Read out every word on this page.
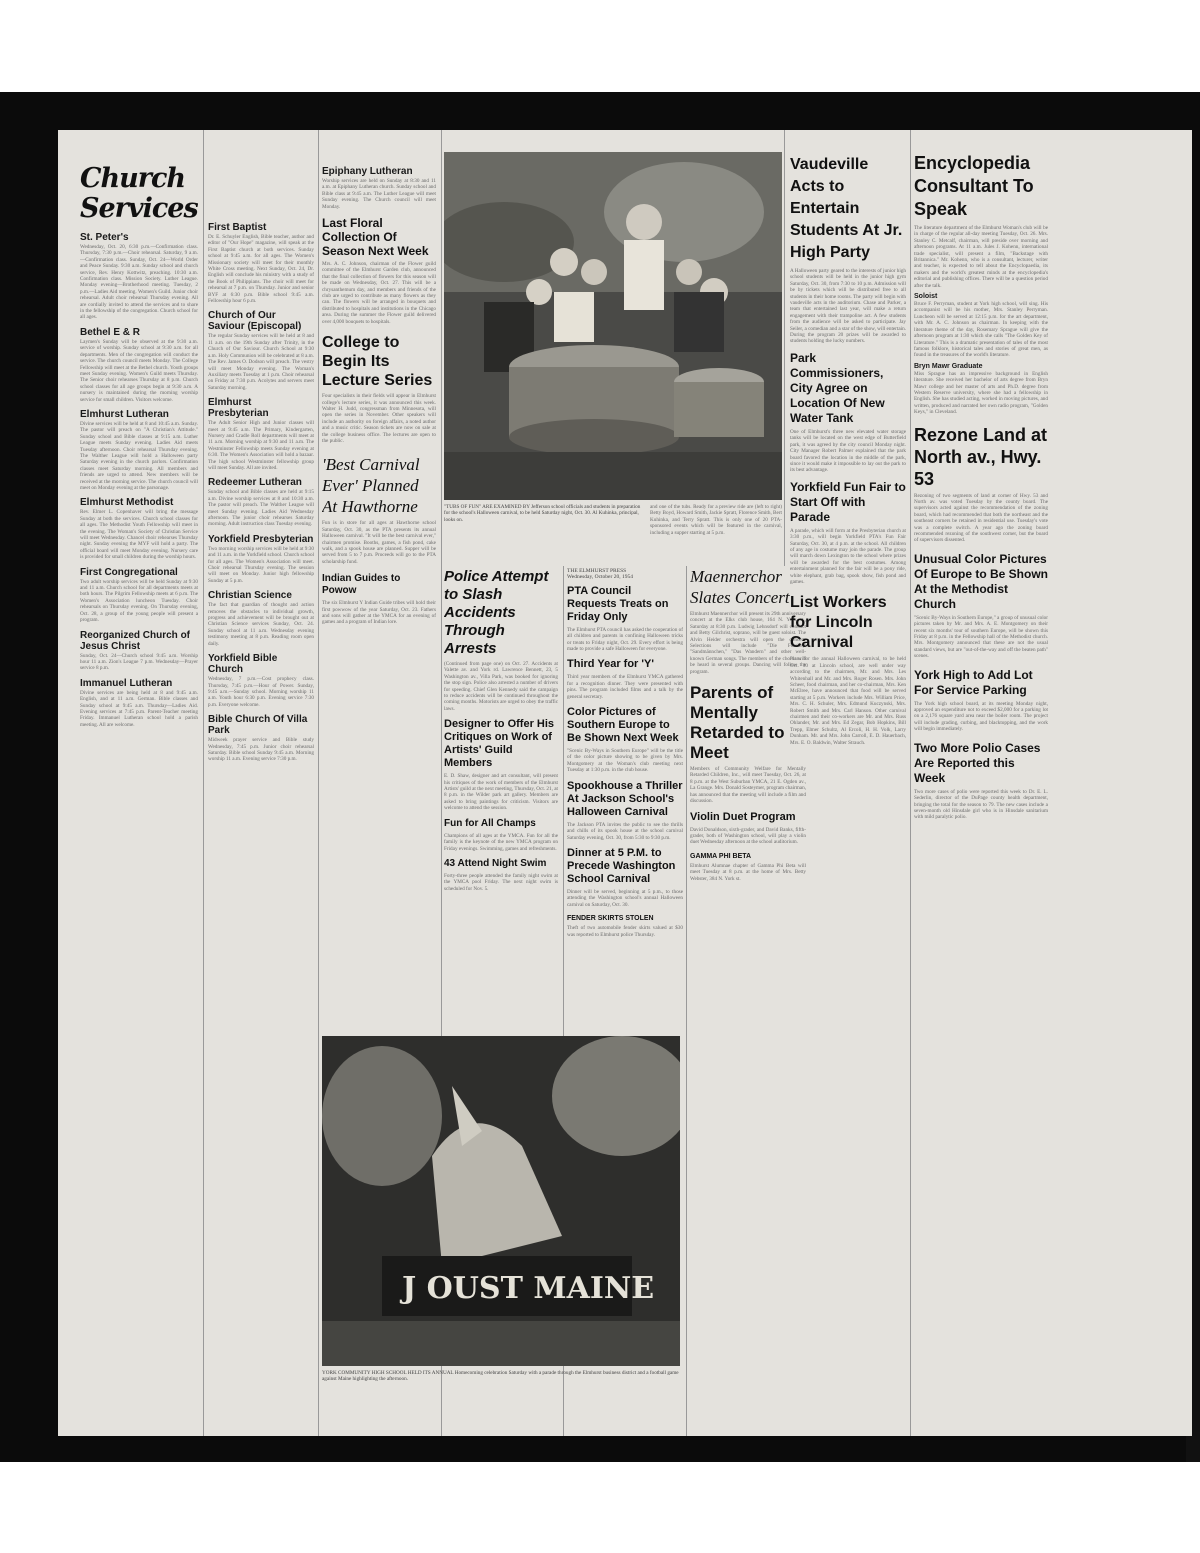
Church Services
St. Peter's

Wednesday, Oct. 20, 6:30 p.m.—Confirmation class. Thursday, 7:30 p.m.—Choir rehearsal. Saturday, 9 a.m.—Confirmation class. Sunday, Oct. 24—World Order and Peace Sunday. 9:30 a.m. Sunday school and church service, Rev. Henry Kottwitz, preaching. 10:30 a.m. Confirmation class. Mission Society. Luther League. Monday evening—Brotherhood meeting. Tuesday, 2 p.m.—Ladies Aid meeting. Women's Guild. Junior choir rehearsal. Adult choir rehearsal Thursday evening. All are cordially invited to attend the services and to share in the fellowship of the congregation. Church school for all ages.

Bethel E & R

Laymen's Sunday will be observed at the 9:30 a.m. service of worship. Sunday school at 9:30 a.m. for all departments. Men of the congregation will conduct the service. The church council meets Monday. The College Fellowship will meet at the Bethel church. Youth groups meet Sunday evening. Women's Guild meets Thursday. The Senior choir rehearses Thursday at 8 p.m. Church school classes for all age groups begin at 9:30 a.m. A nursery is maintained during the morning worship service for small children. Visitors welcome.

Elmhurst Lutheran

Divine services will be held at 8 and 10:45 a.m. Sunday. The pastor will preach on "A Christian's Attitude." Sunday school and Bible classes at 9:15 a.m. Luther League meets Sunday evening. Ladies Aid meets Tuesday afternoon. Choir rehearsal Thursday evening. The Walther League will hold a Halloween party Saturday evening in the church parlors. Confirmation classes meet Saturday morning. All members and friends are urged to attend. New members will be received at the morning service. The church council will meet on Monday evening at the parsonage.

Elmhurst Methodist

Rev. Elmer L. Copenhaver will bring the message Sunday at both the services. Church school classes for all ages. The Methodist Youth Fellowship will meet in the evening. The Woman's Society of Christian Service will meet Wednesday. Chancel choir rehearses Thursday night. Sunday evening the MYF will hold a party. The official board will meet Monday evening. Nursery care is provided for small children during the worship hours.

First Congregational

Two adult worship services will be held Sunday at 9:30 and 11 a.m. Church school for all departments meets at both hours. The Pilgrim Fellowship meets at 6 p.m. The Women's Association luncheon Tuesday. Choir rehearsals on Thursday evening. On Thursday evening, Oct. 28, a group of the young people will present a program.

Reorganized Church of Jesus Christ

Sunday, Oct. 24—Church school 9:45 a.m. Worship hour 11 a.m. Zion's League 7 p.m. Wednesday—Prayer service 8 p.m.

Immanuel Lutheran

Divine services are being held at 8 and 9:45 a.m. English, and at 11 a.m. German. Bible classes and Sunday school at 9:45 a.m. Thursday—Ladies Aid. Evening services at 7:45 p.m. Parent-Teacher meeting Friday. Immanuel Lutheran school hold a parish meeting. All are welcome.

First Baptist

Dr. E. Schuyler English, Bible teacher, author and editor of "Our Hope" magazine, will speak at the First Baptist church at both services. Sunday school at 9:45 a.m. for all ages. The Women's Missionary society will meet for their monthly White Cross meeting. Next Sunday, Oct. 24, Dr. English will conclude his ministry with a study of the Book of Philippians. The choir will meet for rehearsal at 7 p.m. on Thursday. Junior and senior BYF at 6:30 p.m. Bible school 9:45 a.m. Fellowship hour 6 p.m.

Church of Our Saviour (Episcopal)

The regular Sunday services will be held at 8 and 11 a.m. on the 19th Sunday after Trinity, in the Church of Our Saviour. Church School at 9:30 a.m. Holy Communion will be celebrated at 8 a.m. The Rev. James O. Dodson will preach. The vestry will meet Monday evening. The Woman's Auxiliary meets Tuesday at 1 p.m. Choir rehearsal on Friday at 7:30 p.m. Acolytes and servers meet Saturday morning.

Elmhurst Presbyterian

The Adult Senior High and Junior classes will meet at 9:45 a.m. The Primary, Kindergarten, Nursery and Cradle Roll departments will meet at 11 a.m. Morning worship at 9:30 and 11 a.m. The Westminster Fellowship meets Sunday evening at 6:30. The Women's Association will hold a bazaar. The high school Westminster fellowship group will meet Sunday. All are invited.

Redeemer Lutheran

Sunday school and Bible classes are held at 9:15 a.m. Divine worship services at 8 and 10:30 a.m. The pastor will preach. The Walther League will meet Sunday evening. Ladies Aid Wednesday afternoon. The junior choir rehearses Saturday morning. Adult instruction class Tuesday evening.

Yorkfield Presbyterian

Two morning worship services will be held at 9:30 and 11 a.m. in the Yorkfield school. Church school for all ages. The Women's Association will meet. Choir rehearsal Thursday evening. The session will meet on Monday. Junior high fellowship Sunday at 5 p.m.

Christian Science

The fact that guardian of thought and action removes the obstacles to individual growth, progress and achievement will be brought out at Christian Science services Sunday, Oct. 24. Sunday school at 11 a.m. Wednesday evening testimony meeting at 8 p.m. Reading room open daily.

Yorkfield Bible Church

Wednesday, 7 p.m.—Cost prophecy class. Thursday, 7:45 p.m.—Hour of Power. Sunday, 9:45 a.m.—Sunday school. Morning worship 11 a.m. Youth hour 6:30 p.m. Evening service 7:30 p.m. Everyone welcome.

Bible Church Of Villa Park

Midweek prayer service and Bible study Wednesday, 7:45 p.m. Junior choir rehearsal Saturday. Bible school Sunday 9:45 a.m. Morning worship 11 a.m. Evening service 7:30 p.m.

Epiphany Lutheran

Worship services are held on Sunday at 8:30 and 11 a.m. at Epiphany Lutheran church. Sunday school and Bible class at 9:45 a.m. The Luther League will meet Sunday evening. The Church council will meet Monday.

Last Floral Collection Of Season Next Week

Mrs. A. C. Johnson, chairman of the Flower guild committee of the Elmhurst Garden club, announced that the final collection of flowers for this season will be made on Wednesday, Oct. 27. This will be a chrysanthemum day, and members and friends of the club are urged to contribute as many flowers as they can. The flowers will be arranged in bouquets and distributed to hospitals and institutions in the Chicago area. During the summer the Flower guild delivered over 4,000 bouquets to hospitals.

College to Begin Its Lecture Series

Four specialists in their fields will appear in Elmhurst college's lecture series, it was announced this week. Walter H. Judd, congressman from Minnesota, will open the series in November. Other speakers will include an authority on foreign affairs, a noted author and a music critic. Season tickets are now on sale at the college business office. The lectures are open to the public.

'Best Carnival Ever' Planned At Hawthorne

Fun is in store for all ages at Hawthorne school Saturday, Oct. 30, as the PTA presents its annual Halloween carnival. "It will be the best carnival ever," chairmen promise. Booths, games, a fish pond, cake walk, and a spook house are planned. Supper will be served from 5 to 7 p.m. Proceeds will go to the PTA scholarship fund.

Indian Guides to Powow

The six Elmhurst Y Indian Guide tribes will hold their first powwow of the year Saturday, Oct. 23. Fathers and sons will gather at the YMCA for an evening of games and a program of Indian lore.

"TUBS OF FUN" ARE EXAMINED BY Jefferson school officials and students in preparation for the school's Halloween carnival, to be held Saturday night, Oct. 30. Al Kuhinka, principal, looks on.

and one of the tubs. Ready for a preview ride are (left to right) Betty Boyd, Howard Smith, Jackie Spratt, Florence Smith, Bert Kuhinka, and Terry Spratt. This is only one of 20 PTA-sponsored events which will be featured in the carnival, including a supper starting at 5 p.m.

Police Attempt to Slash Accidents Through Arrests

(Continued from page one) on Oct. 27. Accidents at Valette av. and York rd. Lawrence Bennett, 23, 5 Washington av., Villa Park, was booked for ignoring the stop sign. Police also arrested a number of drivers for speeding. Chief Glen Kennedy said the campaign to reduce accidents will be continued throughout the coming months. Motorists are urged to obey the traffic laws.

Designer to Offer His Critiques on Work of Artists' Guild Members

E. D. Shaw, designer and art consultant, will present his critiques of the work of members of the Elmhurst Artists' guild at the next meeting, Thursday, Oct. 21, at 8 p.m. in the Wilder park art gallery. Members are asked to bring paintings for criticism. Visitors are welcome to attend the session.

Fun for All Champs

Champions of all ages at the YMCA. Fun for all the family is the keynote of the new YMCA program on Friday evenings. Swimming, games and refreshments.

43 Attend Night Swim

Forty-three people attended the family night swim at the YMCA pool Friday. The next night swim is scheduled for Nov. 5.

THE ELMHURST PRESS
Wednesday, October 20, 1954
PTA Council Requests Treats on Friday Only

The Elmhurst PTA council has asked the cooperation of all children and parents in confining Halloween tricks or treats to Friday night, Oct. 29. Every effort is being made to provide a safe Halloween for everyone.

Third Year for 'Y'

Third year members of the Elmhurst YMCA gathered for a recognition dinner. They were presented with pins. The program included films and a talk by the general secretary.

Color Pictures of Southern Europe to Be Shown Next Week

"Scenic By-Ways in Southern Europe" will be the title of the color picture showing to be given by Mrs. Montgomery at the Woman's club meeting next Tuesday at 1:30 p.m. in the club house.

Spookhouse a Thriller At Jackson School's Halloween Carnival

The Jackson PTA invites the public to see the thrills and chills of its spook house at the school carnival Saturday evening, Oct. 30, from 5:30 to 9:30 p.m.

Dinner at 5 P.M. to Precede Washington School Carnival

Dinner will be served, beginning at 5 p.m., to those attending the Washington school's annual Halloween carnival on Saturday, Oct. 30.

FENDER SKIRTS STOLEN

Theft of two automobile fender skirts valued at $30 was reported to Elmhurst police Thursday.

J OUST MAINE
YORK COMMUNITY HIGH SCHOOL HELD ITS ANNUAL Homecoming celebration Saturday with a parade through the Elmhurst business district and a football game against Maine highlighting the afternoon.
Maennerchor Slates Concert

Elmhurst Maennerchor will present its 29th anniversary concert at the Elks club house, 164 N. York st., Saturday at 8:30 p.m. Ludwig Lehnsdorf will conduct and Betty Gilchrist, soprano, will be guest soloist. The Alvin Heider orchestra will open the concert. Selections will include "Die Forelle," "Sandmännchen," "Das Wandern" and other well-known German songs. The members of the chorus will be heard in several groups. Dancing will follow the program.

Parents of Mentally Retarded to Meet

Members of Community Welfare for Mentally Retarded Children, Inc., will meet Tuesday, Oct. 26, at 8 p.m. at the West Suburban YMCA, 21 E. Ogden av., La Grange. Mrs. Donald Sosteymer, program chairman, has announced that the meeting will include a film and discussion.

Violin Duet Program

David Donaldson, sixth-grader, and David Banks, fifth-grader, both of Washington school, will play a violin duet Wednesday afternoon at the school auditorium.

GAMMA PHI BETA

Elmhurst Alumnae chapter of Gamma Phi Beta will meet Tuesday at 8 p.m. at the home of Mrs. Betty Webster, 384 N. York st.

Vaudeville Acts to Entertain Students At Jr. High Party

A Halloween party geared to the interests of junior high school students will be held in the junior high gym Saturday, Oct. 30, from 7:30 to 10 p.m. Admission will be by tickets which will be distributed free to all students in their home rooms. The party will begin with vaudeville acts in the auditorium. Chase and Parker, a team that entertained last year, will make a return engagement with their trampoline act. A few students from the audience will be asked to participate. Jay Seiler, a comedian and a star of the show, will entertain. During the program 20 prizes will be awarded to students holding the lucky numbers.

Park Commissioners, City Agree on Location Of New Water Tank

One of Elmhurst's three new elevated water storage tanks will be located on the west edge of Butterfield park, it was agreed by the city council Monday night. City Manager Robert Palmer explained that the park board favored the location in the middle of the park, since it would make it impossible to lay out the park to its best advantage.

Yorkfield Fun Fair to Start Off with Parade

A parade, which will form at the Presbyterian church at 3:30 p.m., will begin Yorkfield PTA's Fun Fair Saturday, Oct. 30, at 4 p.m. at the school. All children of any age in costume may join the parade. The group will march down Lexington to the school where prizes will be awarded for the best costumes. Among entertainment planned for the fair will be a pony ride, white elephant, grab bag, spook show, fish pond and games.

List Workers for Lincoln Carnival

Plans for the annual Halloween carnival, to be held Oct. 30 at Lincoln school, are well under way according to the chairmen, Mr. and Mrs. Les Whitenhall and Mr. and Mrs. Roger Rosen. Mrs. John Scheer, food chairman, and her co-chairman, Mrs. Ken McElree, have announced that food will be served starting at 5 p.m. Workers include Mrs. William Price, Mrs. C. H. Schuler, Mrs. Edmund Kuczynski, Mrs. Robert Smith and Mrs. Carl Hanson. Other carnival chairmen and their co-workers are Mr. and Mrs. Russ Ohlander, Mr. and Mrs. Ed Zegar, Bob Hopkins, Bill Trepp, Elmer Schultz, Al Ercoli, H. H. Volk, Larry Dunham. Mr. and Mrs. John Carroll, E. D. Hauerbach, Mrs. E. O. Baldwin, Walter Strauch.

Encyclopedia Consultant To Speak

The literature department of the Elmhurst Woman's club will be in charge of the regular all-day meeting Tuesday, Oct. 26. Mrs. Stanley C. Metcalf, chairman, will preside over morning and afternoon programs. At 11 a.m. Jules J. Kohenn, international trade specialist, will present a film, "Backstage with Britannica." Mr. Kohenn, who is a consultant, lecturer, writer and teacher, is expected to tell about the Encyclopaedia, its makers and the world's greatest minds at the encyclopedia's editorial and publishing offices. There will be a question period after the talk.

Soloist

Bruce F. Perryman, student at York high school, will sing. His accompanist will be his mother, Mrs. Stanley Perryman. Luncheon will be served at 12:15 p.m. for the art department, with Mr. A. C. Johnson as chairman. In keeping with the literature theme of the day, Rosemary Sprague will give the afternoon program at 1:30 which she calls "The Golden Key of Literature." This is a dramatic presentation of tales of the most famous folklore, historical tales and stories of great men, as found in the treasures of the world's literature.

Bryn Mawr Graduate

Miss Sprague has an impressive background in English literature. She received her bachelor of arts degree from Bryn Mawr college and her master of arts and Ph.D. degree from Western Reserve university, where she had a fellowship in English. She has studied acting, worked in moving pictures, and written, produced and narrated her own radio program, "Golden Keys," in Cleveland.

Rezone Land at North av., Hwy. 53

Rezoning of two segments of land at corner of Hwy. 53 and North av. was voted Tuesday by the county board. The supervisors acted against the recommendation of the zoning board, which had recommended that both the northeast and the southeast corners be retained in residential use. Tuesday's vote was a complete switch. A year ago the zoning board recommended rezoning of the southwest corner, but the board of supervisors dissented.

Unusual Color Pictures Of Europe to Be Shown At the Methodist Church

"Scenic By-Ways in Southern Europe," a group of unusual color pictures taken by Mr. and Mrs. A. E. Montgomery on their recent six months' tour of southern Europe, will be shown this Friday at 8 p.m. in the Fellowship hall of the Methodist church. Mrs. Montgomery announced that these are not the usual standard views, but are "out-of-the-way and off the beaten path" scenes.

York High to Add Lot For Service Parking

The York high school board, at its meeting Monday night, approved an expenditure not to exceed $2,000 for a parking lot on a 2,176 square yard area near the boiler room. The project will include grading, curbing, and blacktopping, and the work will begin immediately.

Two More Polio Cases Are Reported this Week

Two more cases of polio were reported this week to Dr. E. L. Sederlin, director of the DuPage county health department, bringing the total for the season to 79. The new cases include a seven-month old Hinsdale girl who is in Hinsdale sanitarium with mild paralytic polio.
